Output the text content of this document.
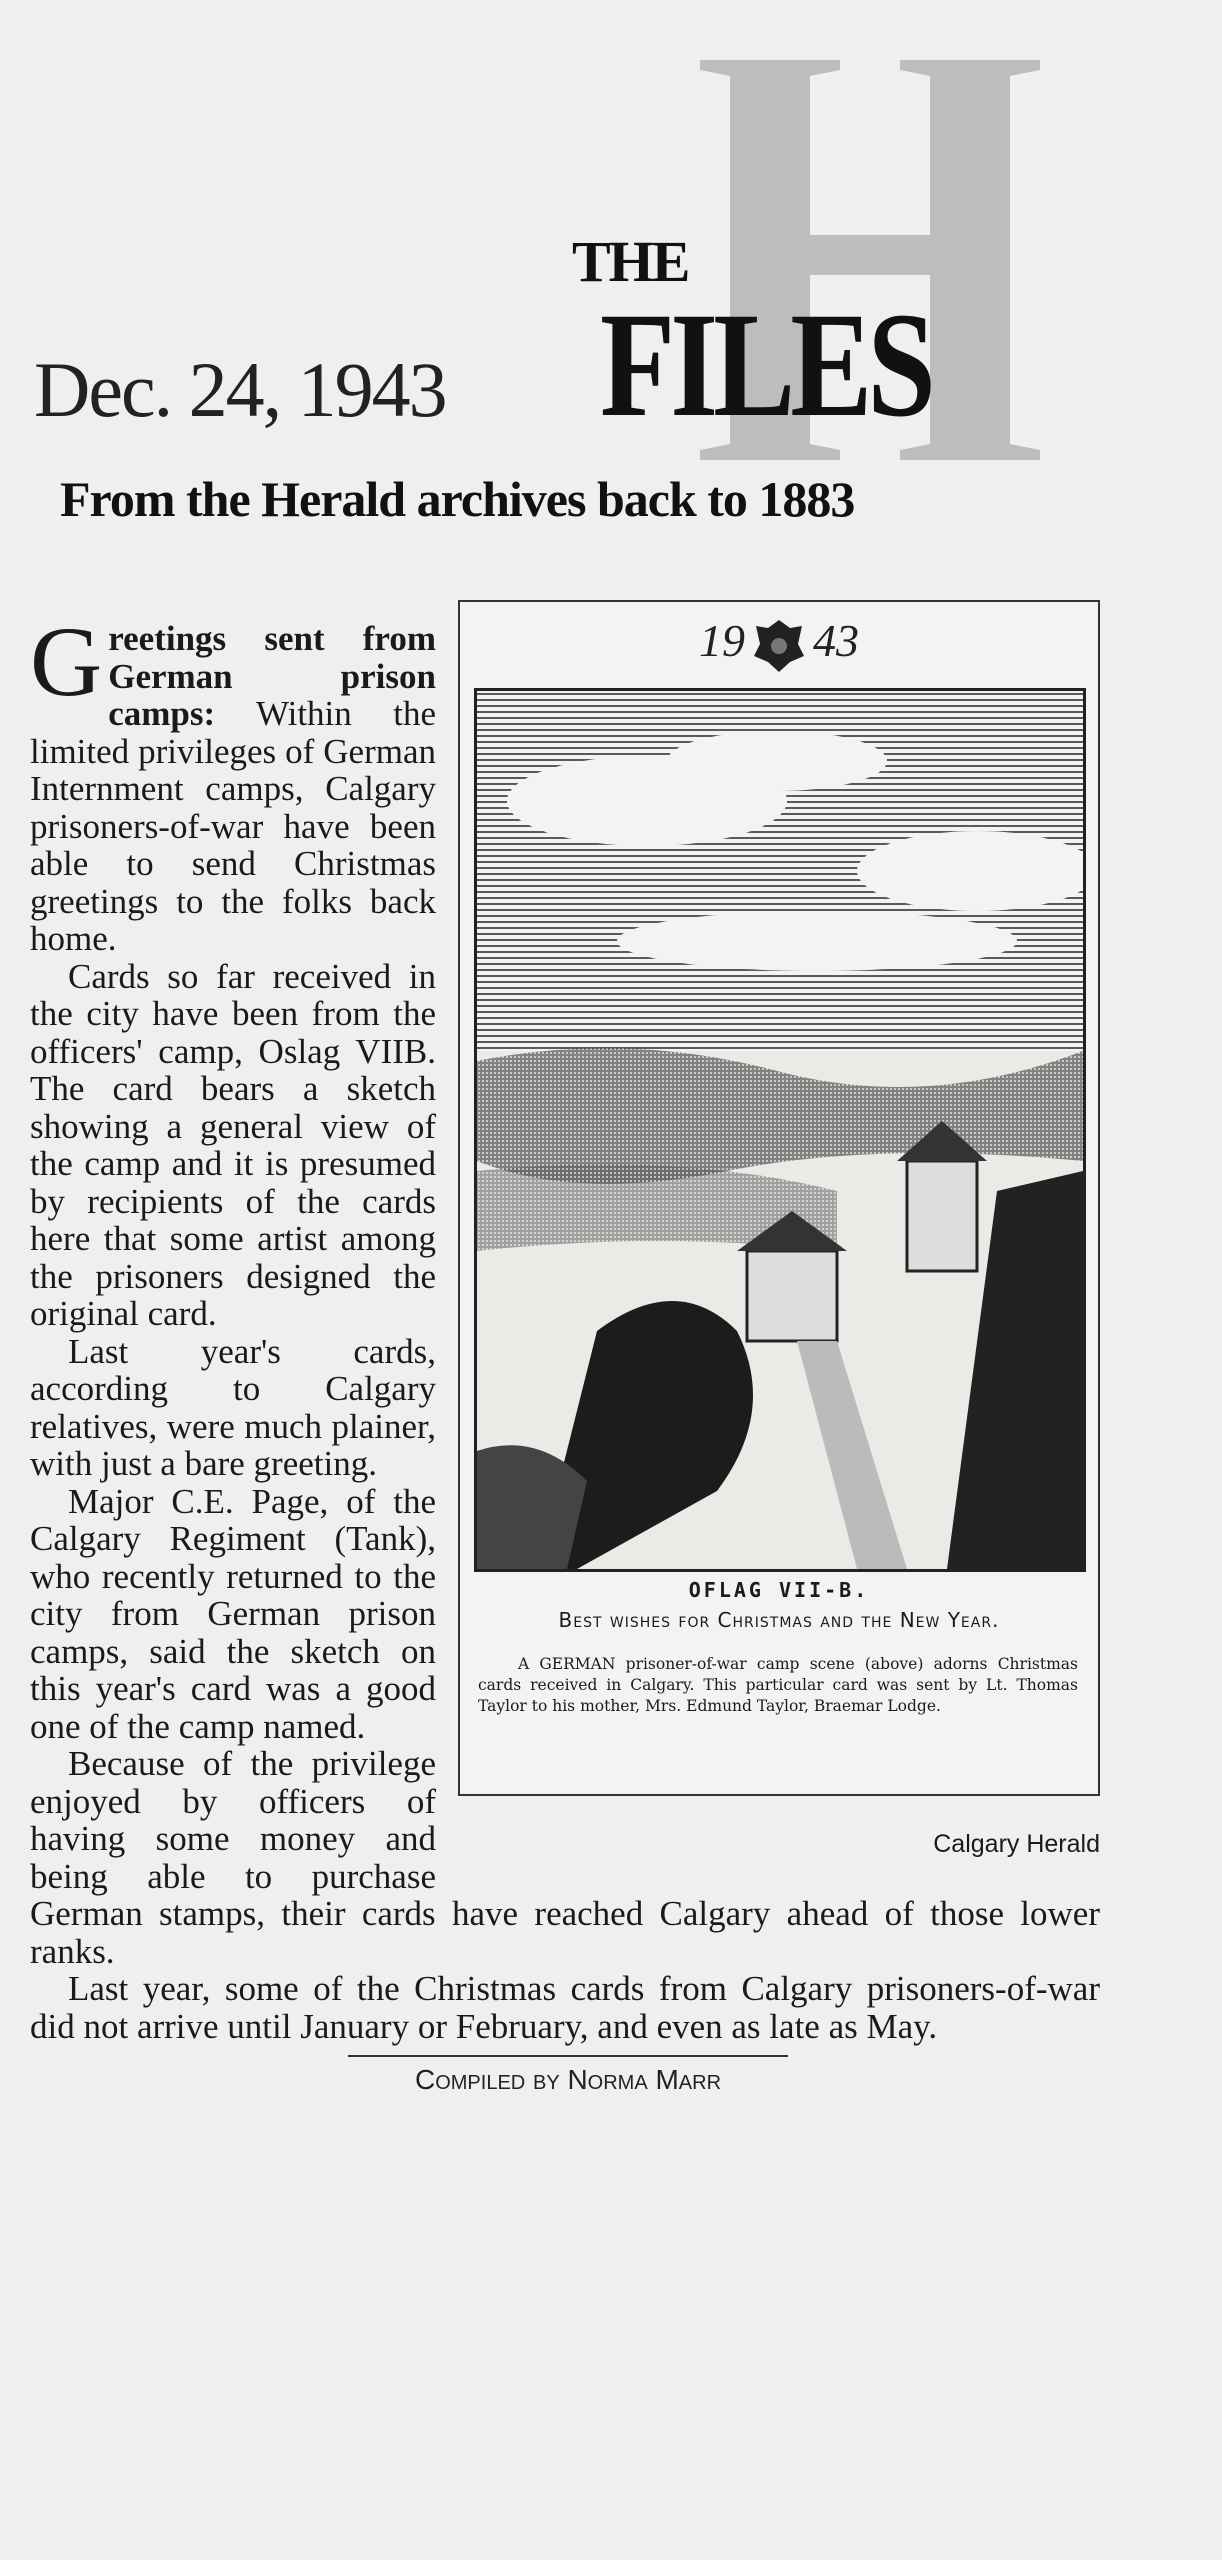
THE
FILES
Dec. 24, 1943
From the Herald archives back to 1883
19 43
OFLAG VII-B.
Best wishes for Christmas and the New Year.
A GERMAN prisoner-of-war camp scene (above) adorns Christmas cards received in Calgary. This particular card was sent by Lt. Thomas Taylor to his mother, Mrs. Edmund Taylor, Braemar Lodge.
Calgary Herald

Greetings sent from German prison camps: Within the limited privileges of German Internment camps, Calgary prisoners-of-war have been able to send Christmas greetings to the folks back home.

Cards so far received in the city have been from the officers' camp, Oslag VIIB. The card bears a sketch showing a general view of the camp and it is presumed by recipients of the cards here that some artist among the prisoners designed the original card.

Last year's cards, according to Calgary relatives, were much plainer, with just a bare greeting.

Major C.E. Page, of the Calgary Regiment (Tank), who recently returned to the city from German prison camps, said the sketch on this year's card was a good one of the camp named.

Because of the privilege enjoyed by officers of having some money and being able to purchase German stamps, their cards have reached Calgary ahead of those lower ranks.

Last year, some of the Christmas cards from Calgary prisoners-of-war did not arrive until January or February, and even as late as May.

Compiled by Norma Marr
